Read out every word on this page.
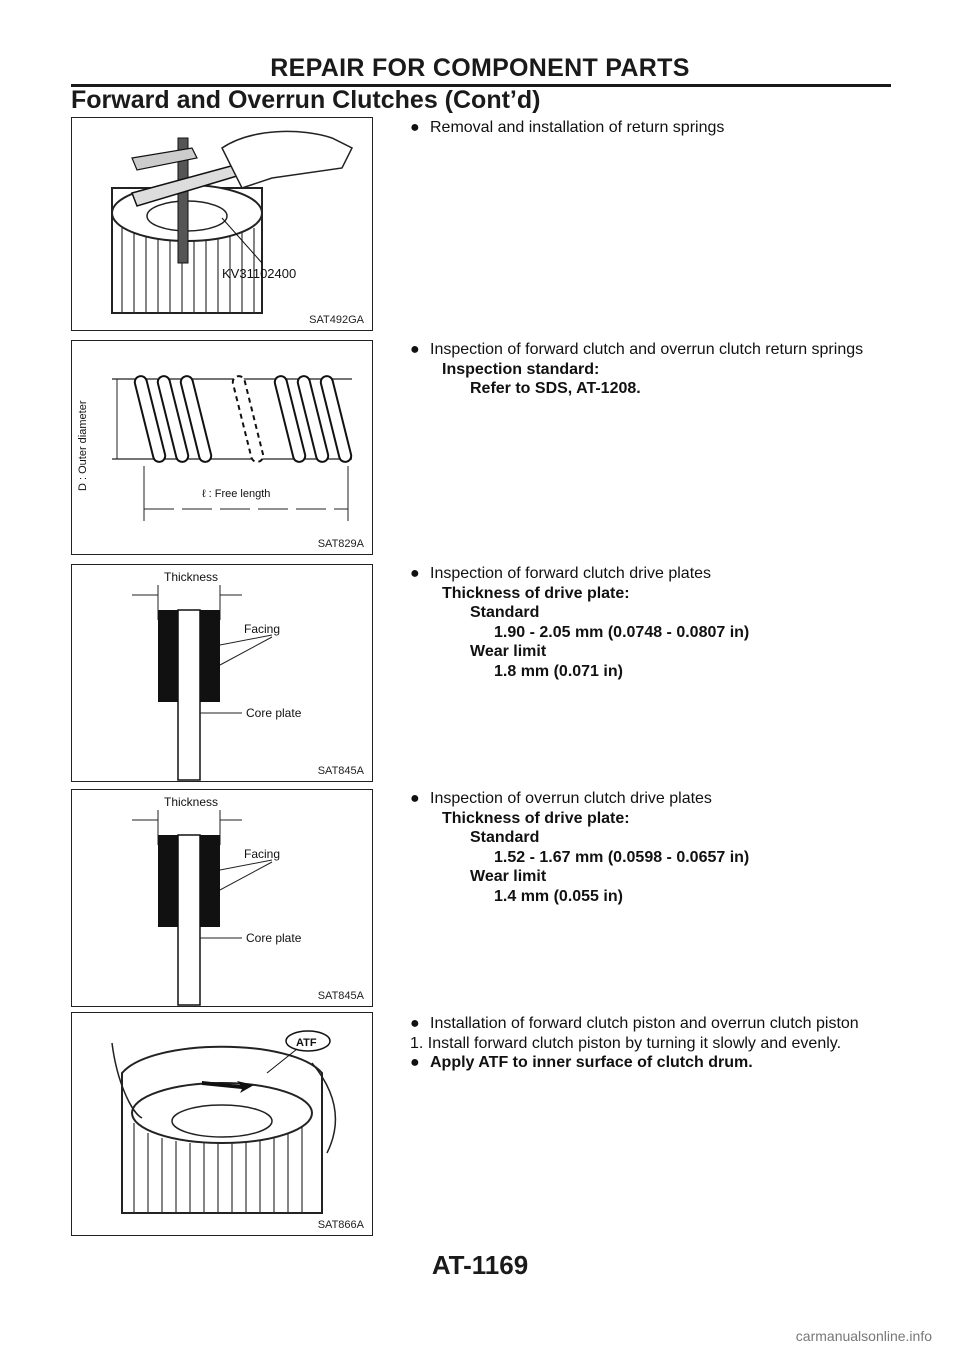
REPAIR FOR COMPONENT PARTS
Forward and Overrun Clutches (Cont’d)
KV31102400
SAT492GA
D : Outer diameter
ℓ : Free length
SAT829A
Thickness
Facing
Core plate
SAT845A
Thickness
Facing
Core plate
SAT845A
ATF
SAT866A
● Removal and installation of return springs
● Inspection of forward clutch and overrun clutch return springs
Inspection standard:
Refer to SDS, AT-1208.
● Inspection of forward clutch drive plates
Thickness of drive plate:
Standard
1.90 - 2.05 mm (0.0748 - 0.0807 in)
Wear limit
1.8 mm (0.071 in)
● Inspection of overrun clutch drive plates
Thickness of drive plate:
Standard
1.52 - 1.67 mm (0.0598 - 0.0657 in)
Wear limit
1.4 mm (0.055 in)
● Installation of forward clutch piston and overrun clutch piston
1. Install forward clutch piston by turning it slowly and evenly.
● Apply ATF to inner surface of clutch drum.
AT-1169
carmanualsonline.info
